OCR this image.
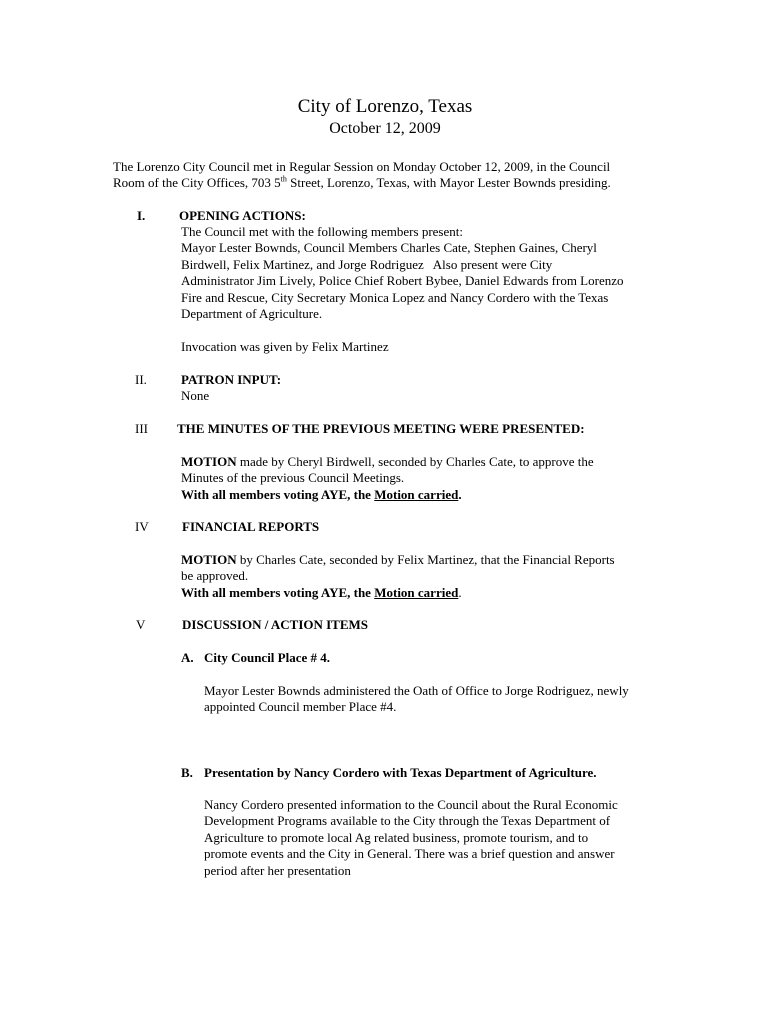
City of Lorenzo, Texas
October 12, 2009
The Lorenzo City Council met in Regular Session on Monday October 12, 2009, in the Council
Room of the City Offices, 703 5th Street, Lorenzo, Texas, with Mayor Lester Bownds presiding.
I.	OPENING ACTIONS:
The Council met with the following members present:
Mayor Lester Bownds, Council Members Charles Cate, Stephen Gaines, Cheryl
Birdwell, Felix Martinez, and Jorge Rodriguez   Also present were City
Administrator Jim Lively, Police Chief Robert Bybee, Daniel Edwards from Lorenzo
Fire and Rescue, City Secretary Monica Lopez and Nancy Cordero with the Texas
Department of Agriculture.
Invocation was given by Felix Martinez
II.	PATRON INPUT:
None
III THE MINUTES OF THE PREVIOUS MEETING WERE PRESENTED:
MOTION made by Cheryl Birdwell, seconded by Charles Cate, to approve the
Minutes of the previous Council Meetings.
With all members voting AYE, the Motion carried.
IV	FINANCIAL REPORTS
MOTION by Charles Cate, seconded by Felix Martinez, that the Financial Reports
be approved.
With all members voting AYE, the Motion carried.
V	DISCUSSION / ACTION ITEMS
A. City Council Place # 4.
Mayor Lester Bownds administered the Oath of Office to Jorge Rodriguez, newly
appointed Council member Place #4.
B. Presentation by Nancy Cordero with Texas Department of Agriculture.
Nancy Cordero presented information to the Council about the Rural Economic
Development Programs available to the City through the Texas Department of
Agriculture to promote local Ag related business, promote tourism, and to
promote events and the City in General. There was a brief question and answer
period after her presentation
